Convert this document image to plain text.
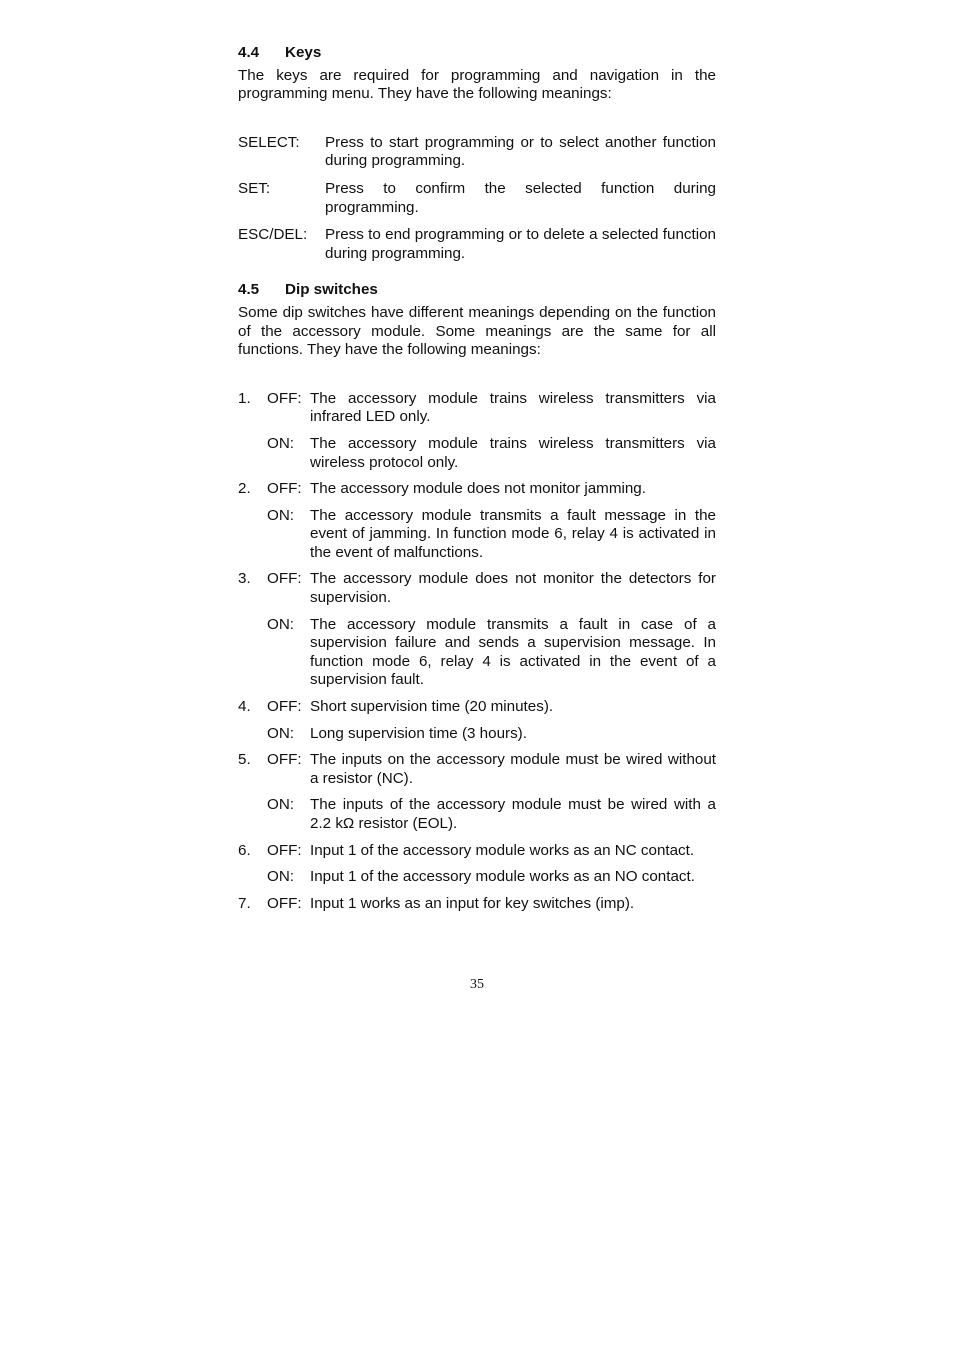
4.4 Keys

The keys are required for programming and navigation in the programming menu. They have the following meanings:

SELECT:	Press to start programming or to select another function during programming.
SET:	Press to confirm the selected function during programming.
ESC/DEL:	Press to end programming or to delete a selected function during programming.
4.5 Dip switches

Some dip switches have different meanings depending on the function of the accessory module. Some meanings are the same for all functions. They have the following meanings:

1.	OFF: The accessory module trains wireless transmitters via infrared LED only.
ON:	The accessory module trains wireless transmitters via wireless protocol only.
2.	OFF: The accessory module does not monitor jamming.
ON:	The accessory module transmits a fault message in the event of jamming. In function mode 6, relay 4 is activated in the event of malfunctions.
3.	OFF: The accessory module does not monitor the detectors for supervision.
ON:	The accessory module transmits a fault in case of a supervision failure and sends a supervision message. In function mode 6, relay 4 is activated in the event of a supervision fault.
4.	OFF: Short supervision time (20 minutes).
ON:	Long supervision time (3 hours).
5.	OFF: The inputs on the accessory module must be wired without a resistor (NC).
ON:	The inputs of the accessory module must be wired with a 2.2 kΩ resistor (EOL).
6.	OFF: Input 1 of the accessory module works as an NC contact.
ON:	Input 1 of the accessory module works as an NO contact.
7.	OFF: Input 1 works as an input for key switches (imp).
35
